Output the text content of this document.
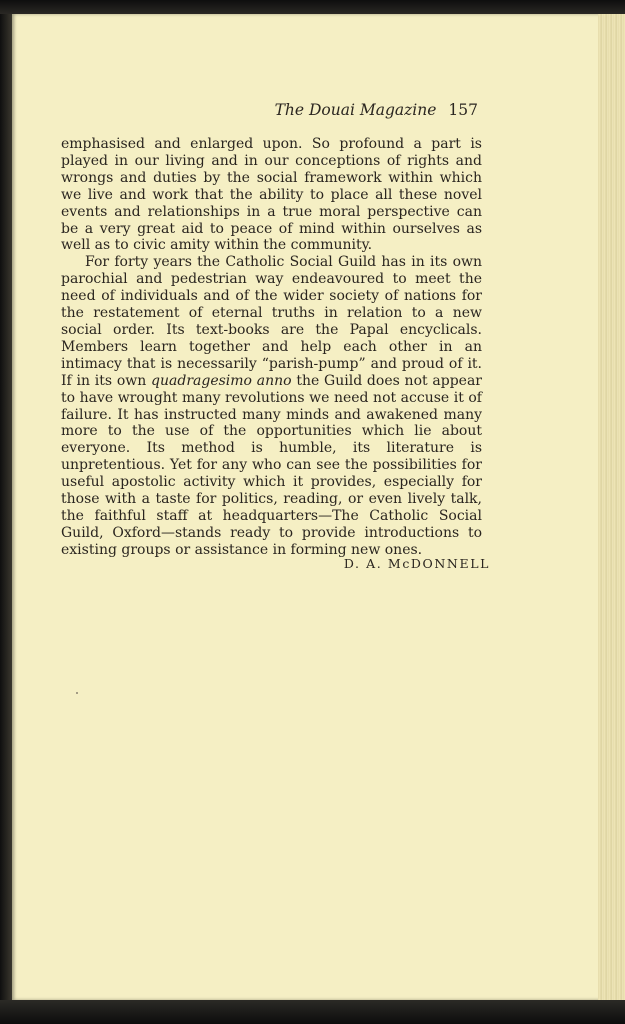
The Douai Magazine 157

emphasised and enlarged upon. So profound a part is played in our living and in our conceptions of rights and wrongs and duties by the social framework within which we live and work that the ability to place all these novel events and relationships in a true moral perspective can be a very great aid to peace of mind within ourselves as well as to civic amity within the community.

For forty years the Catholic Social Guild has in its own parochial and pedestrian way endeavoured to meet the need of individuals and of the wider society of nations for the restatement of eternal truths in relation to a new social order. Its text-books are the Papal encyclicals. Members learn together and help each other in an intimacy that is necessarily “parish-pump” and proud of it. If in its own quadragesimo anno the Guild does not appear to have wrought many revolutions we need not accuse it of failure. It has instructed many minds and awakened many more to the use of the opportunities which lie about everyone. Its method is humble, its literature is unpretentious. Yet for any who can see the possibilities for useful apostolic activity which it provides, especially for those with a taste for politics, reading, or even lively talk, the faithful staff at headquarters—The Catholic Social Guild, Oxford—stands ready to provide introductions to existing groups or assistance in forming new ones.

D. A. McDONNELL
